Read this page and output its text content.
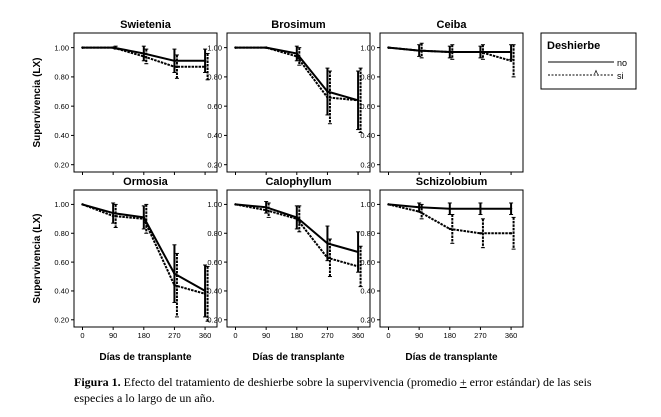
Swietenia
1.00
0.80
0.60
0.40
0.20
Supervivencia (LX)
Brosimum
1.00
0.80
0.60
0.40
0.20
Ceiba
1.00
0.80
0.60
0.40
0.20
Ormosia
1.00
0.80
0.60
0.40
0.20
0	90	180 270 360
Días de transplante
Supervivencia (LX)
Calophyllum
1.00
0.80
0.60
0.40
0.20
0	90	180 270 360
Días de transplante
Schizolobium
1.00
0.80
0.60
0.40
0.20
0	90	180 270 360
Días de transplante
Deshierbe
no
si
Figura 1. Efecto del tratamiento de deshierbe sobre la supervivencia (promedio + error estándar) de las seis
especies a lo largo de un año.
